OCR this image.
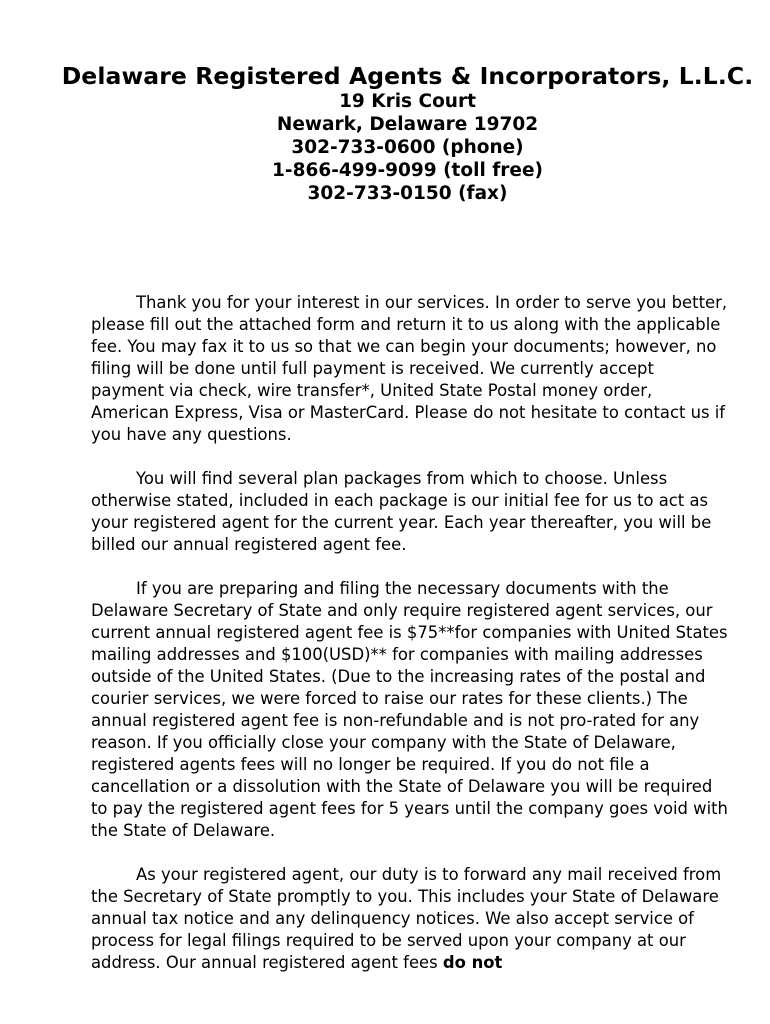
Delaware Registered Agents & Incorporators, L.L.C.

19 Kris Court

Newark, Delaware 19702

302-733-0600 (phone)

1-866-499-9099 (toll free)

302-733-0150 (fax)

Thank you for your interest in our services. In order to serve you better, please fill out the attached form and return it to us along with the applicable fee. You may fax it to us so that we can begin your documents; however, no filing will be done until full payment is received. We currently accept payment via check, wire transfer*, United State Postal money order, American Express, Visa or MasterCard. Please do not hesitate to contact us if you have any questions.

You will find several plan packages from which to choose. Unless otherwise stated, included in each package is our initial fee for us to act as your registered agent for the current year. Each year thereafter, you will be billed our annual registered agent fee.

If you are preparing and filing the necessary documents with the Delaware Secretary of State and only require registered agent services, our current annual registered agent fee is $75**for companies with United States mailing addresses and $100(USD)** for companies with mailing addresses outside of the United States. (Due to the increasing rates of the postal and courier services, we were forced to raise our rates for these clients.) The annual registered agent fee is non-refundable and is not pro-rated for any reason. If you officially close your company with the State of Delaware, registered agents fees will no longer be required. If you do not file a cancellation or a dissolution with the State of Delaware you will be required to pay the registered agent fees for 5 years until the company goes void with the State of Delaware.

As your registered agent, our duty is to forward any mail received from the Secretary of State promptly to you. This includes your State of Delaware annual tax notice and any delinquency notices. We also accept service of process for legal filings required to be served upon your company at our address. Our annual registered agent fees do not
